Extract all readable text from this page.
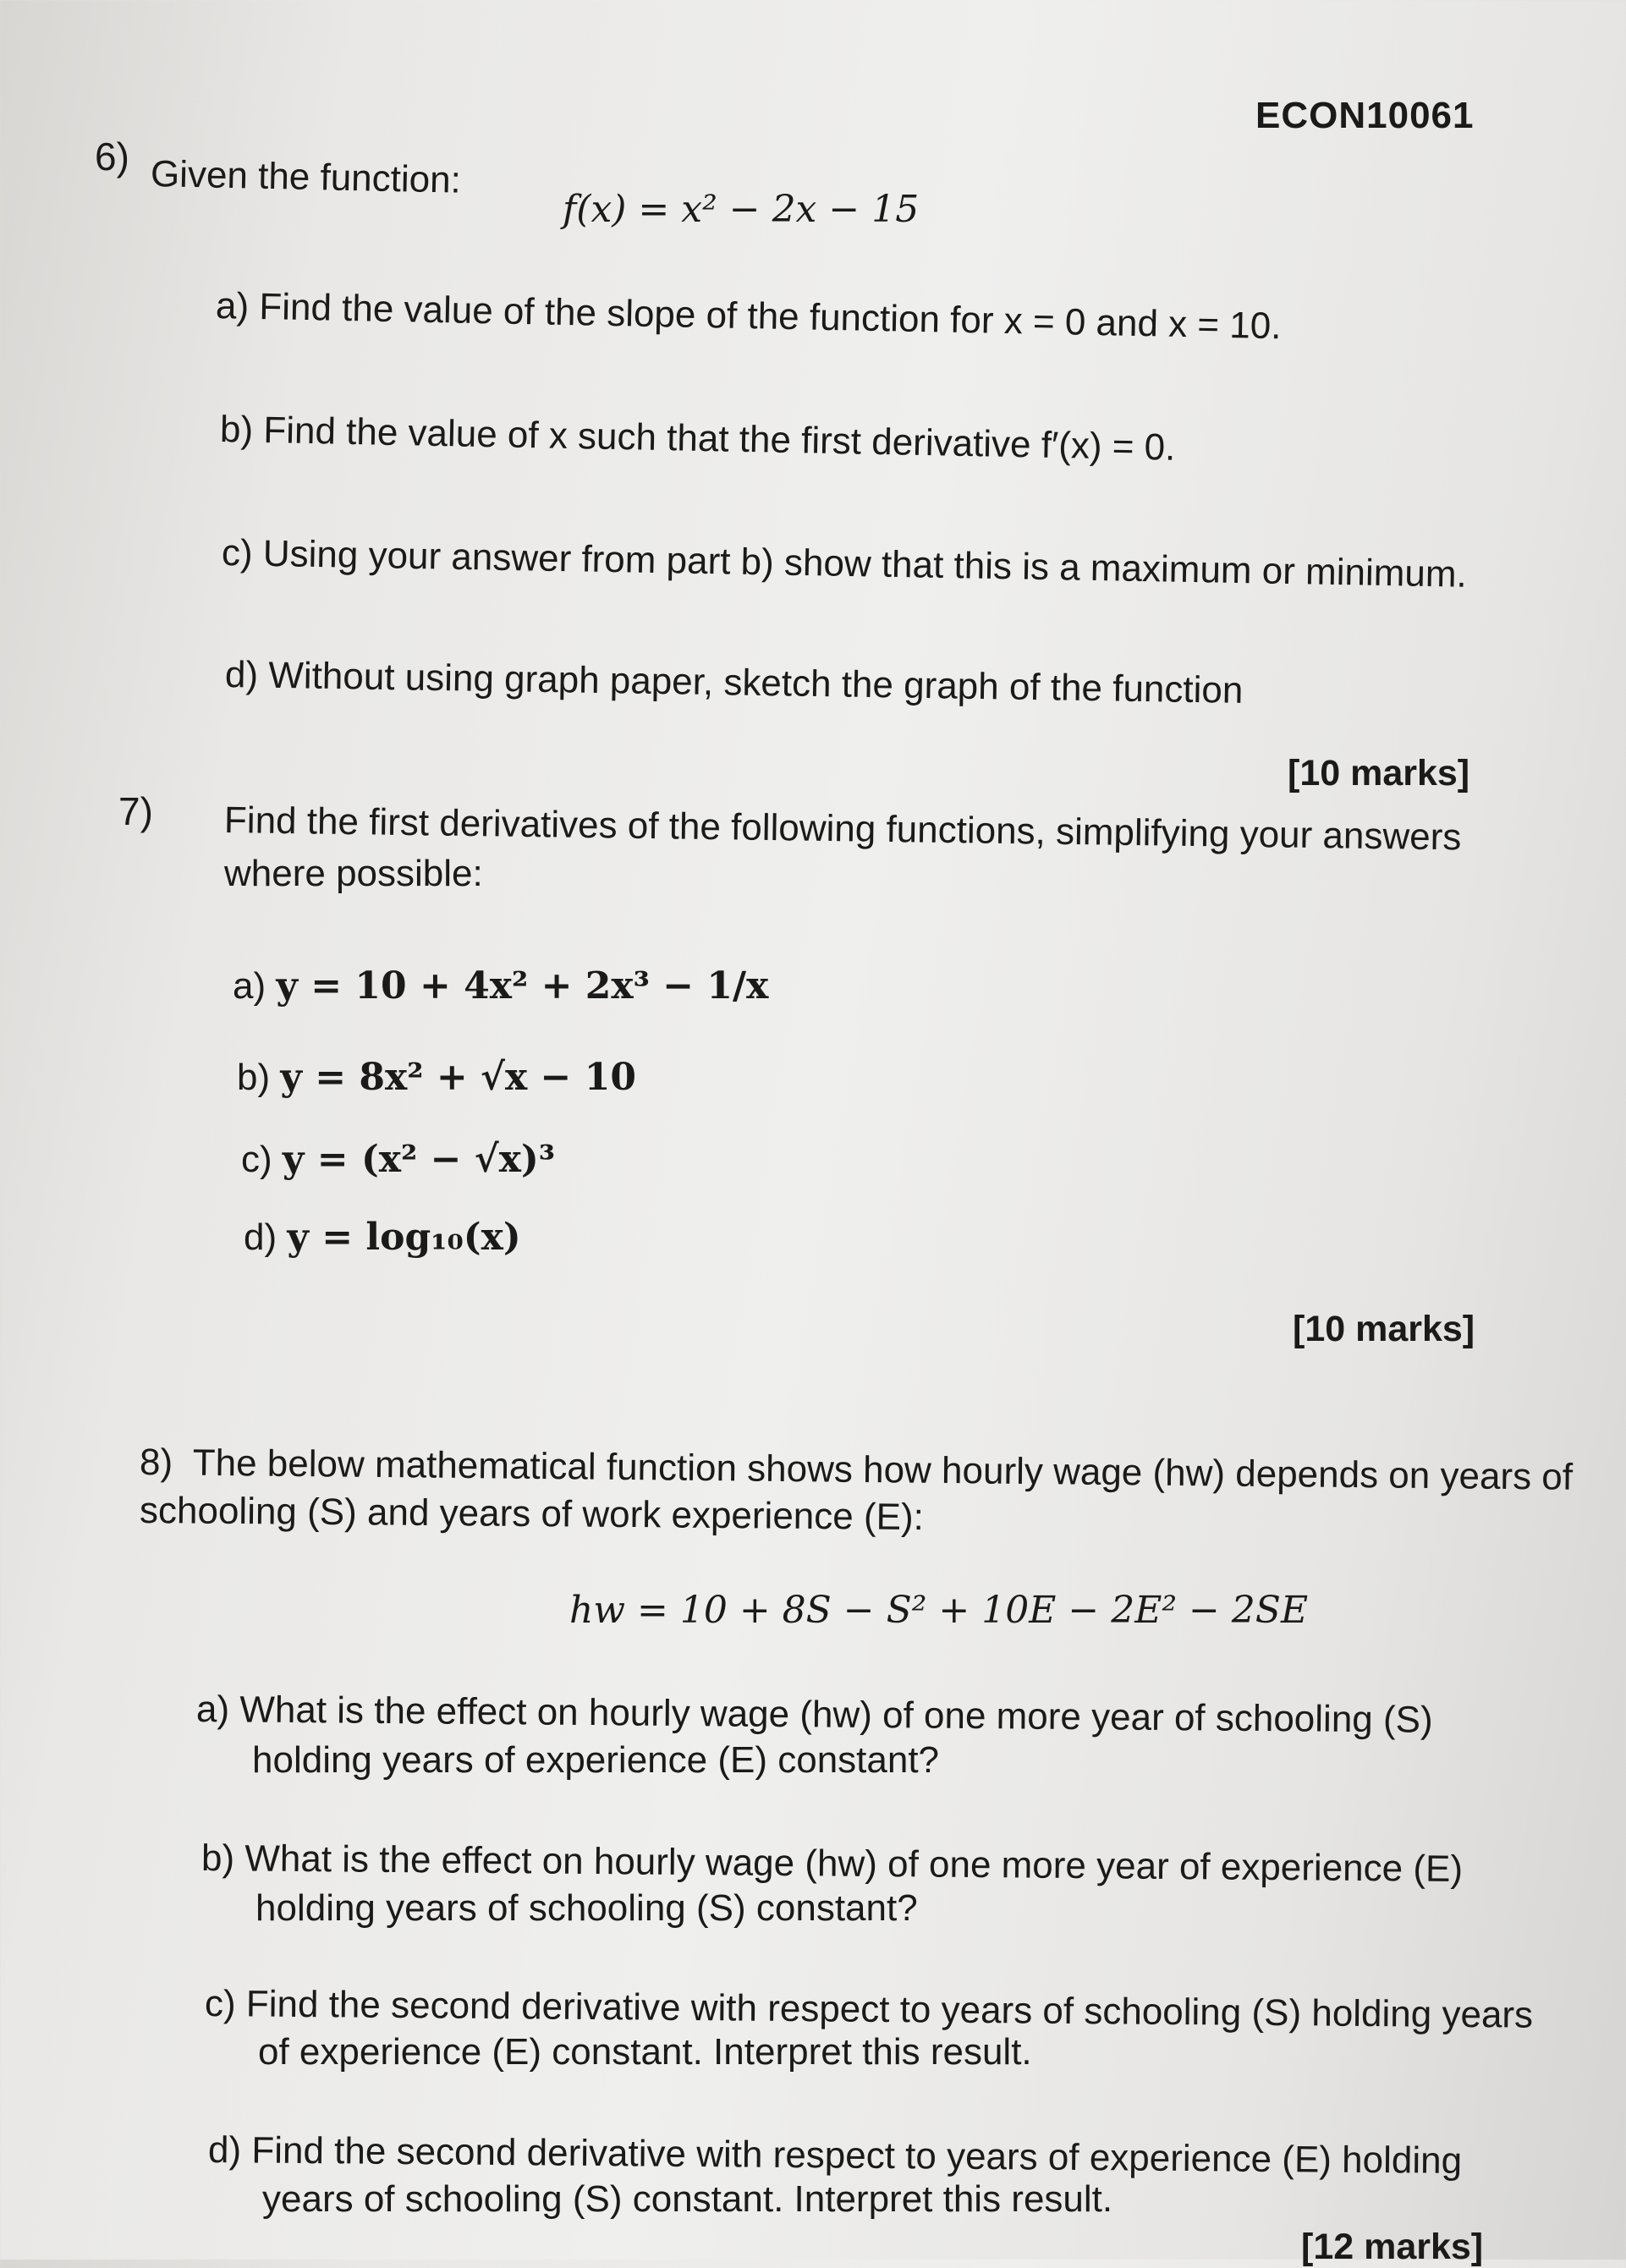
ECON10061
6) Given the function:
f(x) = x² − 2x − 15
a) Find the value of the slope of the function for x = 0 and x = 10.
b) Find the value of x such that the first derivative f′(x) = 0.
c) Using your answer from part b) show that this is a maximum or minimum.
d) Without using graph paper, sketch the graph of the function
[10 marks]
7) Find the first derivatives of the following functions, simplifying your answers
where possible:
a) y = 10 + 4x² + 2x³ − 1/x
b) y = 8x² + √x − 10
c) y = (x² − √x)³
d) y = log₁₀(x)
[10 marks]
8) The below mathematical function shows how hourly wage (hw) depends on years of
schooling (S) and years of work experience (E):
hw = 10 + 8S − S² + 10E − 2E² − 2SE
a) What is the effect on hourly wage (hw) of one more year of schooling (S)
holding years of experience (E) constant?
b) What is the effect on hourly wage (hw) of one more year of experience (E)
holding years of schooling (S) constant?
c) Find the second derivative with respect to years of schooling (S) holding years
of experience (E) constant. Interpret this result.
d) Find the second derivative with respect to years of experience (E) holding
years of schooling (S) constant. Interpret this result.
[12 marks]
